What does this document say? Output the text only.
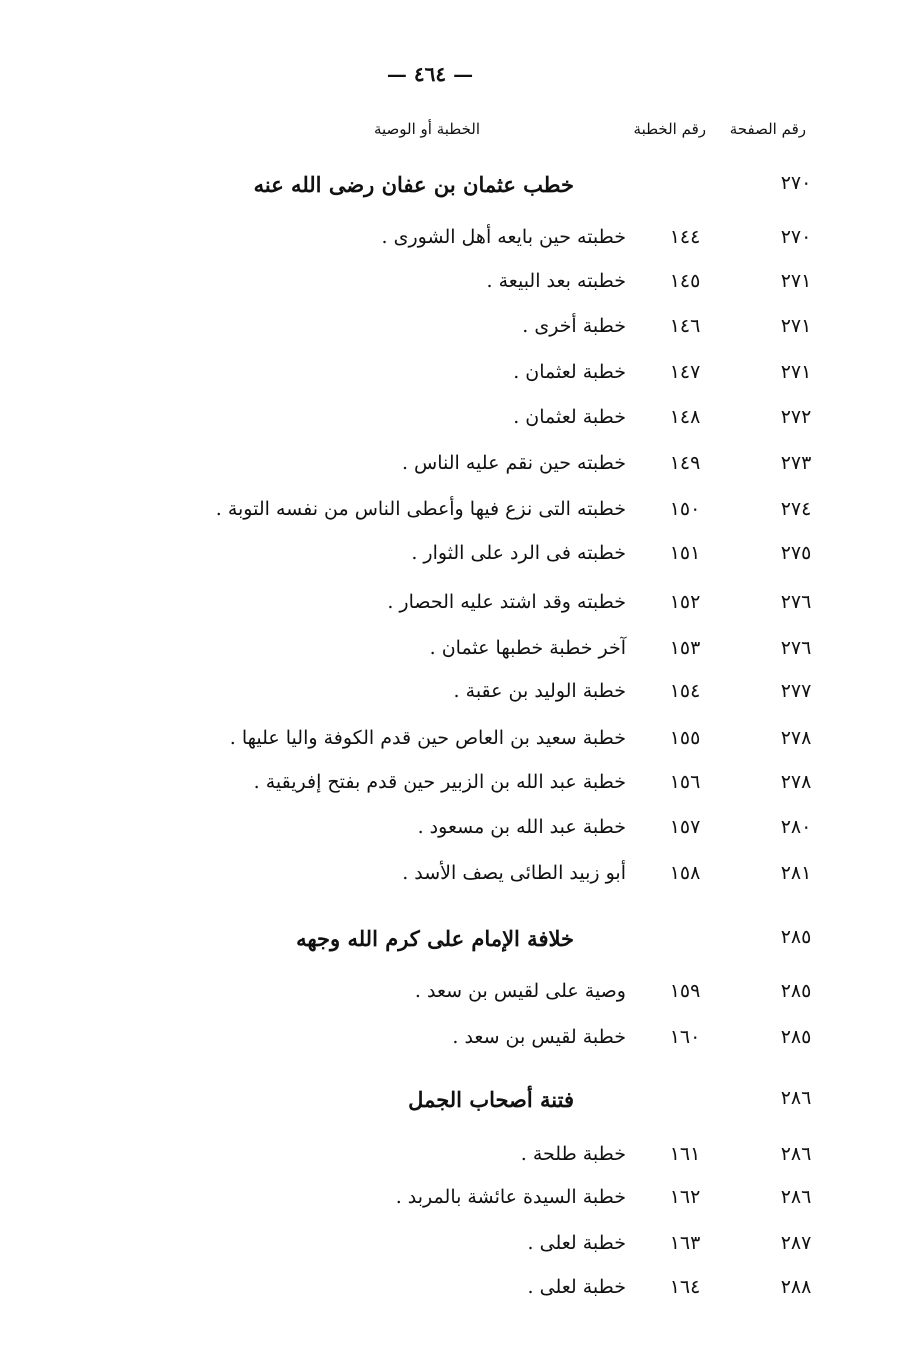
— ٤٦٤ —
رقم الصفحة
رقم الخطبة
الخطبة أو الوصية
٢٧٠
خطب عثمان بن عفان رضى الله عنه
٢٧٠
١٤٤
خطبته حين بايعه أهل الشورى .
٢٧١
١٤٥
خطبته بعد البيعة .
٢٧١
١٤٦
خطبة أخرى .
٢٧١
١٤٧
خطبة لعثمان .
٢٧٢
١٤٨
خطبة لعثمان .
٢٧٣
١٤٩
خطبته حين نقم عليه الناس .
٢٧٤
١٥٠
خطبته التى نزع فيها وأعطى الناس من نفسه التوبة .
٢٧٥
١٥١
خطبته فى الرد على الثوار .
٢٧٦
١٥٢
خطبته وقد اشتد عليه الحصار .
٢٧٦
١٥٣
آخر خطبة خطبها عثمان .
٢٧٧
١٥٤
خطبة الوليد بن عقبة .
٢٧٨
١٥٥
خطبة سعيد بن العاص حين قدم الكوفة واليا عليها .
٢٧٨
١٥٦
خطبة عبد الله بن الزبير حين قدم بفتح إفريقية .
٢٨٠
١٥٧
خطبة عبد الله بن مسعود .
٢٨١
١٥٨
أبو زبيد الطائى يصف الأسد .
٢٨٥
خلافة الإمام على كرم الله وجهه
٢٨٥
١٥٩
وصية على لقيس بن سعد .
٢٨٥
١٦٠
خطبة لقيس بن سعد .
٢٨٦
فتنة أصحاب الجمل
٢٨٦
١٦١
خطبة طلحة .
٢٨٦
١٦٢
خطبة السيدة عائشة بالمربد .
٢٨٧
١٦٣
خطبة لعلى .
٢٨٨
١٦٤
خطبة لعلى .
